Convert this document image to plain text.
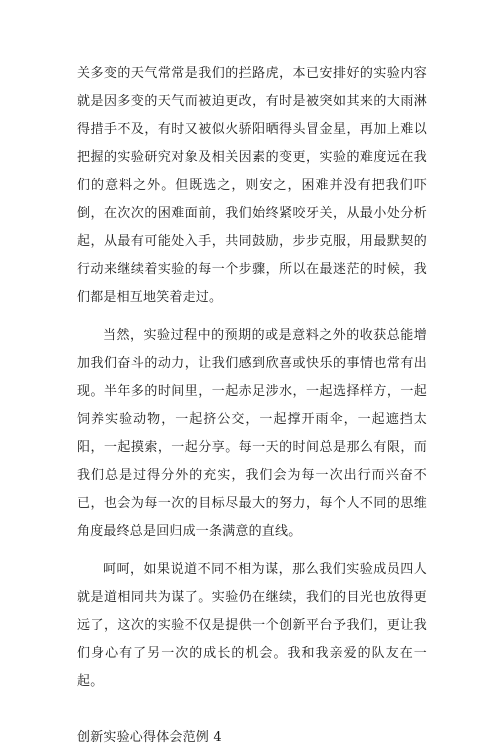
关多变的天气常常是我们的拦路虎，本已安排好的实验内容就是因多变的天气而被迫更改，有时是被突如其来的大雨淋得措手不及，有时又被似火骄阳晒得头冒金星，再加上难以把握的实验研究对象及相关因素的变更，实验的难度远在我们的意料之外。但既选之，则安之，困难并没有把我们吓倒，在次次的困难面前，我们始终紧咬牙关，从最小处分析起，从最有可能处入手，共同鼓励，步步克服，用最默契的行动来继续着实验的每一个步骤，所以在最迷茫的时候，我们都是相互地笑着走过。

当然，实验过程中的预期的或是意料之外的收获总能增加我们奋斗的动力，让我们感到欣喜或快乐的事情也常有出现。半年多的时间里，一起赤足涉水，一起选择样方，一起饲养实验动物，一起挤公交，一起撑开雨伞，一起遮挡太阳，一起摸索，一起分享。每一天的时间总是那么有限，而我们总是过得分外的充实，我们会为每一次出行而兴奋不已，也会为每一次的目标尽最大的努力，每个人不同的思维角度最终总是回归成一条满意的直线。

呵呵，如果说道不同不相为谋，那么我们实验成员四人就是道相同共为谋了。实验仍在继续，我们的目光也放得更远了，这次的实验不仅是提供一个创新平台予我们，更让我们身心有了另一次的成长的机会。我和我亲爱的队友在一起。

创新实验心得体会范例 4
